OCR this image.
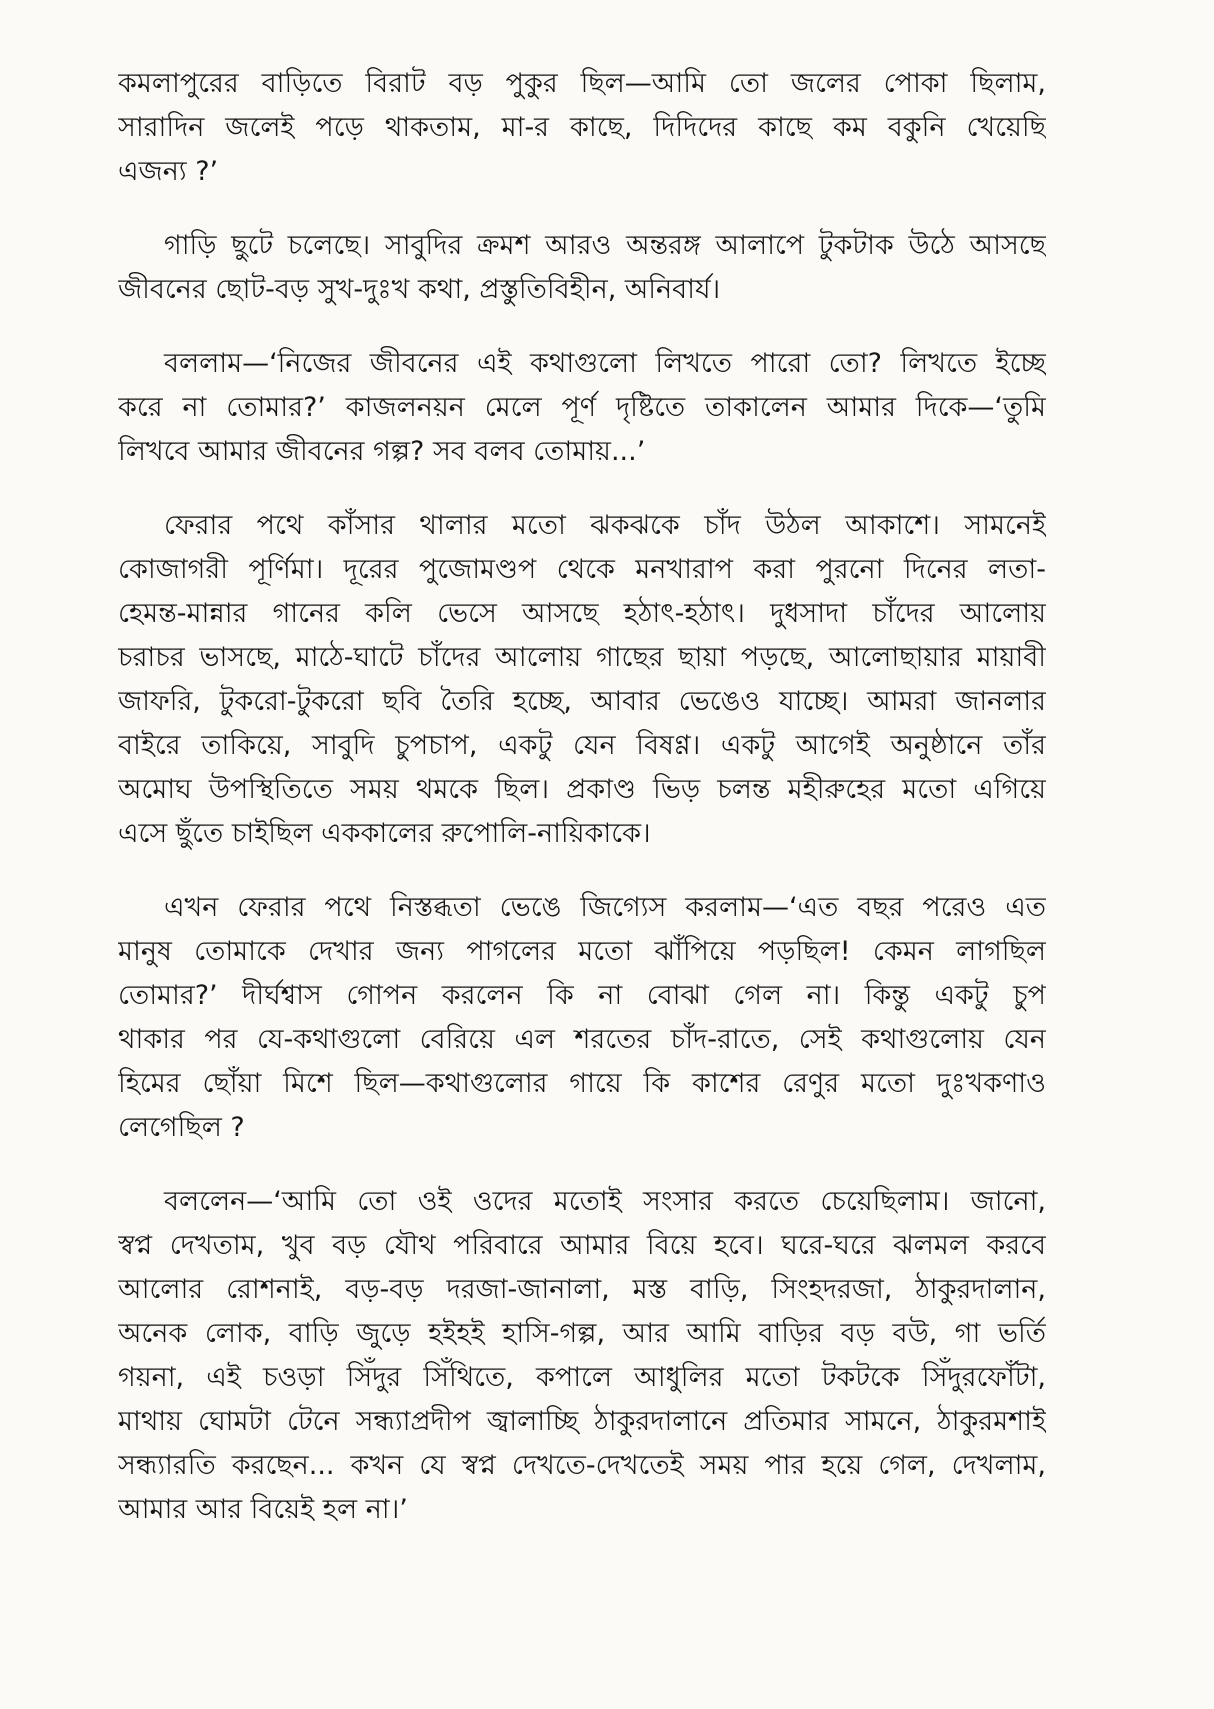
কমলাপুরের বাড়িতে বিরাট বড় পুকুর ছিল—আমি তো জলের পোকা ছিলাম,
সারাদিন জলেই পড়ে থাকতাম, মা-র কাছে, দিদিদের কাছে কম বকুনি খেয়েছি
এজন্য ?’
গাড়ি ছুটে চলেছে। সাবুদির ক্রমশ আরও অন্তরঙ্গ আলাপে টুকটাক উঠে আসছে
জীবনের ছোট-বড় সুখ-দুঃখ কথা, প্রস্তুতিবিহীন, অনিবার্য।
বললাম—‘নিজের জীবনের এই কথাগুলো লিখতে পারো তো? লিখতে ইচ্ছে
করে না তোমার?’ কাজলনয়ন মেলে পূর্ণ দৃষ্টিতে তাকালেন আমার দিকে—‘তুমি
লিখবে আমার জীবনের গল্প? সব বলব তোমায়...’
ফেরার পথে কাঁসার থালার মতো ঝকঝকে চাঁদ উঠল আকাশে। সামনেই
কোজাগরী পূর্ণিমা। দূরের পুজোমণ্ডপ থেকে মনখারাপ করা পুরনো দিনের লতা-
হেমন্ত-মান্নার গানের কলি ভেসে আসছে হঠাৎ-হঠাৎ। দুধসাদা চাঁদের আলোয়
চরাচর ভাসছে, মাঠে-ঘাটে চাঁদের আলোয় গাছের ছায়া পড়ছে, আলোছায়ার মায়াবী
জাফরি, টুকরো-টুকরো ছবি তৈরি হচ্ছে, আবার ভেঙেও যাচ্ছে। আমরা জানলার
বাইরে তাকিয়ে, সাবুদি চুপচাপ, একটু যেন বিষণ্ণ। একটু আগেই অনুষ্ঠানে তাঁর
অমোঘ উপস্থিতিতে সময় থমকে ছিল। প্রকাণ্ড ভিড় চলন্ত মহীরুহের মতো এগিয়ে
এসে ছুঁতে চাইছিল এককালের রুপোলি-নায়িকাকে।
এখন ফেরার পথে নিস্তব্ধতা ভেঙে জিগ্যেস করলাম—‘এত বছর পরেও এত
মানুষ তোমাকে দেখার জন্য পাগলের মতো ঝাঁপিয়ে পড়ছিল! কেমন লাগছিল
তোমার?’ দীর্ঘশ্বাস গোপন করলেন কি না বোঝা গেল না। কিন্তু একটু চুপ
থাকার পর যে-কথাগুলো বেরিয়ে এল শরতের চাঁদ-রাতে, সেই কথাগুলোয় যেন
হিমের ছোঁয়া মিশে ছিল—কথাগুলোর গায়ে কি কাশের রেণুর মতো দুঃখকণাও
লেগেছিল ?
বললেন—‘আমি তো ওই ওদের মতোই সংসার করতে চেয়েছিলাম। জানো,
স্বপ্ন দেখতাম, খুব বড় যৌথ পরিবারে আমার বিয়ে হবে। ঘরে-ঘরে ঝলমল করবে
আলোর রোশনাই, বড়-বড় দরজা-জানালা, মস্ত বাড়ি, সিংহদরজা, ঠাকুরদালান,
অনেক লোক, বাড়ি জুড়ে হইহই হাসি-গল্প, আর আমি বাড়ির বড় বউ, গা ভর্তি
গয়না, এই চওড়া সিঁদুর সিঁথিতে, কপালে আধুলির মতো টকটকে সিঁদুরফোঁটা,
মাথায় ঘোমটা টেনে সন্ধ্যাপ্রদীপ জ্বালাচ্ছি ঠাকুরদালানে প্রতিমার সামনে, ঠাকুরমশাই
সন্ধ্যারতি করছেন... কখন যে স্বপ্ন দেখতে-দেখতেই সময় পার হয়ে গেল, দেখলাম,
আমার আর বিয়েই হল না।’
